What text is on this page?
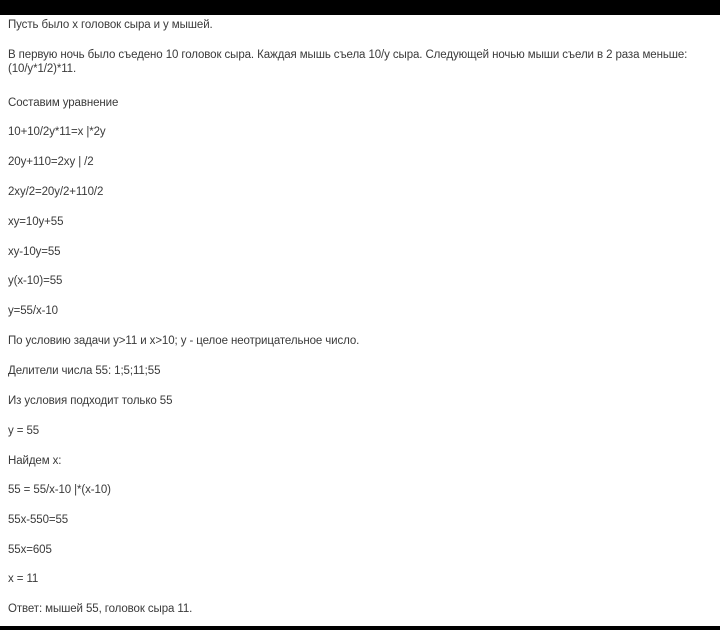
Пусть было x головок сыра и y мышей.
В первую ночь было съедено 10 головок сыра. Каждая мышь съела 10/y сыра. Следующей ночью мыши съели в 2 раза меньше: (10/y*1/2)*11.
Составим уравнение
10+10/2y*11=x |*2y
20y+110=2xy | /2
2xy/2=20y/2+110/2
xy=10y+55
xy-10y=55
y(x-10)=55
y=55/x-10
По условию задачи y>11 и x>10; y - целое неотрицательное число.
Делители числа 55: 1;5;11;55
Из условия подходит только 55
y = 55
Найдем x:
55 = 55/x-10 |*(x-10)
55x-550=55
55x=605
x = 11
Ответ: мышей 55, головок сыра 11.
